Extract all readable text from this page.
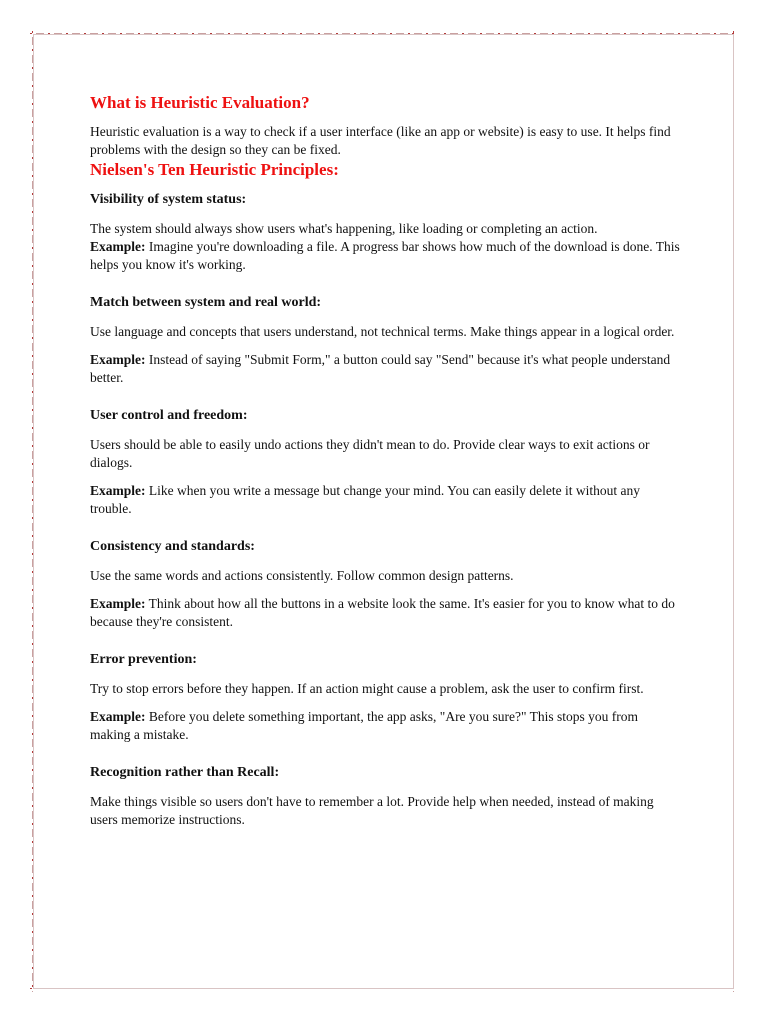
What is Heuristic Evaluation?

Heuristic evaluation is a way to check if a user interface (like an app or website) is easy to use. It helps find problems with the design so they can be fixed.

Nielsen's Ten Heuristic Principles:

Visibility of system status:

The system should always show users what's happening, like loading or completing an action.
Example: Imagine you're downloading a file. A progress bar shows how much of the download is done. This helps you know it's working.

Match between system and real world:

Use language and concepts that users understand, not technical terms. Make things appear in a logical order.

Example: Instead of saying "Submit Form," a button could say "Send" because it's what people understand better.

User control and freedom:

Users should be able to easily undo actions they didn't mean to do. Provide clear ways to exit actions or dialogs.

Example: Like when you write a message but change your mind. You can easily delete it without any trouble.

Consistency and standards:

Use the same words and actions consistently. Follow common design patterns.

Example: Think about how all the buttons in a website look the same. It's easier for you to know what to do because they're consistent.

Error prevention:

Try to stop errors before they happen. If an action might cause a problem, ask the user to confirm first.

Example: Before you delete something important, the app asks, "Are you sure?" This stops you from making a mistake.

Recognition rather than Recall:

Make things visible so users don't have to remember a lot. Provide help when needed, instead of making users memorize instructions.
